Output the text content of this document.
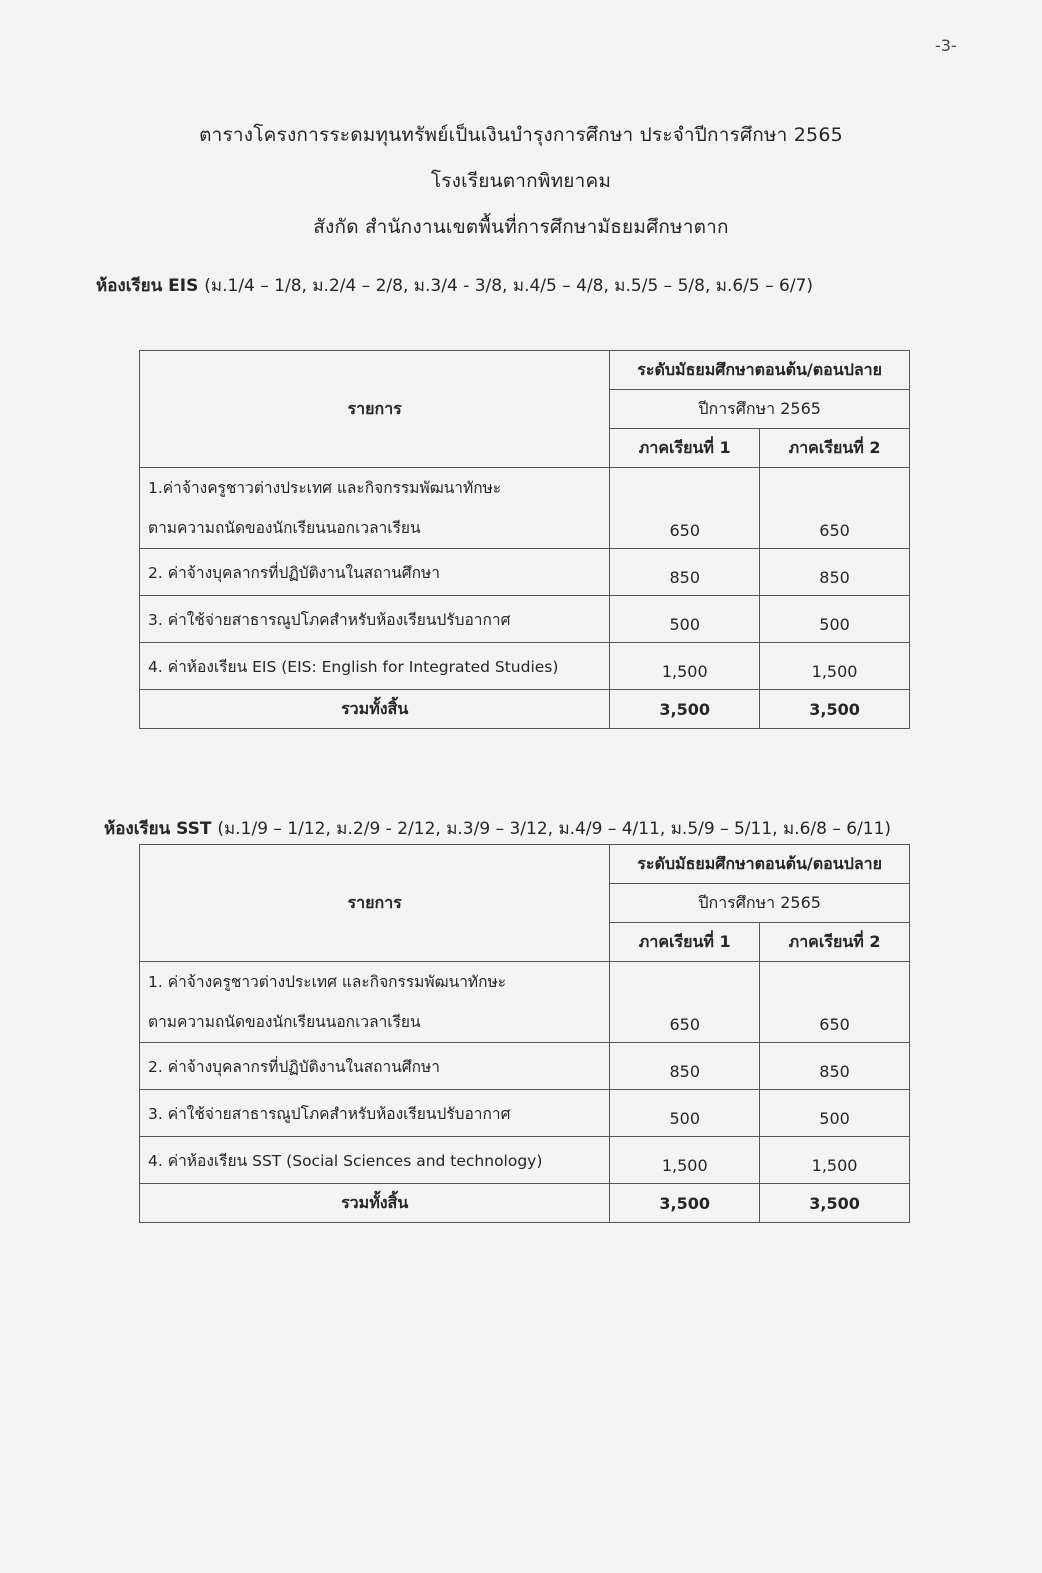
-3-
ตารางโครงการระดมทุนทรัพย์เป็นเงินบำรุงการศึกษา ประจำปีการศึกษา 2565
โรงเรียนตากพิทยาคม
สังกัด สำนักงานเขตพื้นที่การศึกษามัธยมศึกษาตาก
ห้องเรียน EIS (ม.1/4 – 1/8, ม.2/4 – 2/8, ม.3/4 - 3/8, ม.4/5 – 4/8, ม.5/5 – 5/8, ม.6/5 – 6/7)
รายการ	ระดับมัธยมศึกษาตอนต้น/ตอนปลาย	
	ปีการศึกษา 2565	
	ภาคเรียนที่ 1	ภาคเรียนที่ 2

1.ค่าจ้างครูชาวต่างประเทศ และกิจกรรมพัฒนาทักษะ
ตามความถนัดของนักเรียนนอกเวลาเรียน	650	650
2. ค่าจ้างบุคลากรที่ปฏิบัติงานในสถานศึกษา	850	850
3. ค่าใช้จ่ายสาธารณูปโภคสำหรับห้องเรียนปรับอากาศ	500	500
4. ค่าห้องเรียน EIS (EIS: English for Integrated Studies)	1,500	1,500
รวมทั้งสิ้น	3,500	3,500
ห้องเรียน SST (ม.1/9 – 1/12, ม.2/9 - 2/12, ม.3/9 – 3/12, ม.4/9 – 4/11, ม.5/9 – 5/11, ม.6/8 – 6/11)
รายการ	ระดับมัธยมศึกษาตอนต้น/ตอนปลาย	
	ปีการศึกษา 2565	
	ภาคเรียนที่ 1	ภาคเรียนที่ 2

1. ค่าจ้างครูชาวต่างประเทศ และกิจกรรมพัฒนาทักษะ
ตามความถนัดของนักเรียนนอกเวลาเรียน	650	650
2. ค่าจ้างบุคลากรที่ปฏิบัติงานในสถานศึกษา	850	850
3. ค่าใช้จ่ายสาธารณูปโภคสำหรับห้องเรียนปรับอากาศ	500	500
4. ค่าห้องเรียน SST (Social Sciences and technology)	1,500	1,500
รวมทั้งสิ้น	3,500	3,500
